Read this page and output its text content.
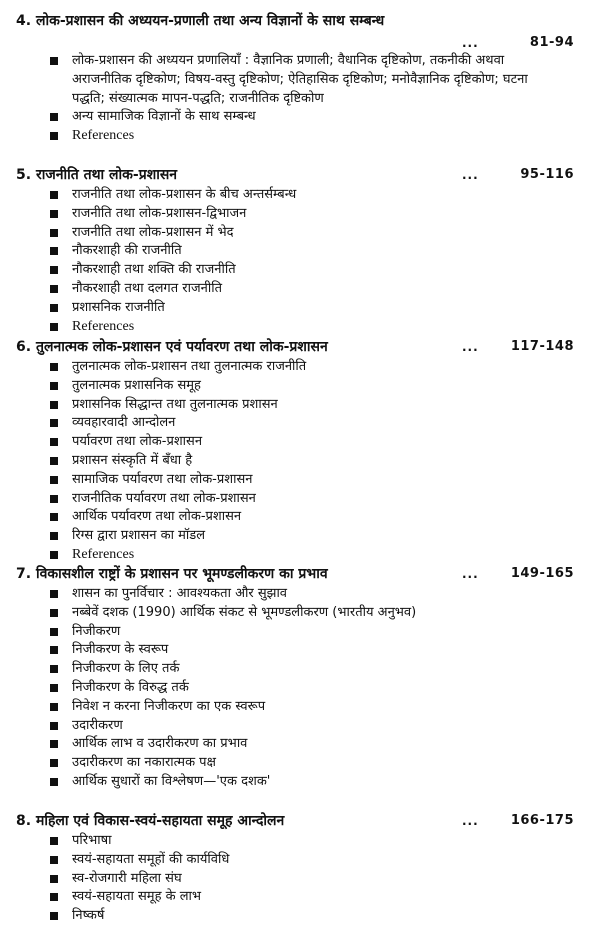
4. लोक-प्रशासन की अध्ययन-प्रणाली तथा अन्य विज्ञानों के साथ सम्बन्ध
...	81-94
लोक-प्रशासन की अध्ययन प्रणालियाँ : वैज्ञानिक प्रणाली; वैधानिक दृष्टिकोण, तकनीकी अथवा अराजनीतिक दृष्टिकोण; विषय-वस्तु दृष्टिकोण; ऐतिहासिक दृष्टिकोण; मनोवैज्ञानिक दृष्टिकोण; घटना पद्धति; संख्यात्मक मापन-पद्धति; राजनीतिक दृष्टिकोण
अन्य सामाजिक विज्ञानों के साथ सम्बन्ध
References
5. राजनीति तथा लोक-प्रशासन	...	95-116
राजनीति तथा लोक-प्रशासन के बीच अन्तर्सम्बन्ध
राजनीति तथा लोक-प्रशासन-द्विभाजन
राजनीति तथा लोक-प्रशासन में भेद
नौकरशाही की राजनीति
नौकरशाही तथा शक्ति की राजनीति
नौकरशाही तथा दलगत राजनीति
प्रशासनिक राजनीति
References
6. तुलनात्मक लोक-प्रशासन एवं पर्यावरण तथा लोक-प्रशासन	... 117-148
तुलनात्मक लोक-प्रशासन तथा तुलनात्मक राजनीति
तुलनात्मक प्रशासनिक समूह
प्रशासनिक सिद्धान्त तथा तुलनात्मक प्रशासन
व्यवहारवादी आन्दोलन
पर्यावरण तथा लोक-प्रशासन
प्रशासन संस्कृति में बँधा है
सामाजिक पर्यावरण तथा लोक-प्रशासन
राजनीतिक पर्यावरण तथा लोक-प्रशासन
आर्थिक पर्यावरण तथा लोक-प्रशासन
रिग्स द्वारा प्रशासन का मॉडल
References
7. विकासशील राष्ट्रों के प्रशासन पर भूमण्डलीकरण का प्रभाव	... 149-165
शासन का पुनर्विचार : आवश्यकता और सुझाव
नब्बेवें दशक (1990) आर्थिक संकट से भूमण्डलीकरण (भारतीय अनुभव)
निजीकरण
निजीकरण के स्वरूप
निजीकरण के लिए तर्क
निजीकरण के विरुद्ध तर्क
निवेश न करना निजीकरण का एक स्वरूप
उदारीकरण
आर्थिक लाभ व उदारीकरण का प्रभाव
उदारीकरण का नकारात्मक पक्ष
आर्थिक सुधारों का विश्लेषण—'एक दशक'
8. महिला एवं विकास-स्वयं-सहायता समूह आन्दोलन	... 166-175
परिभाषा
स्वयं-सहायता समूहों की कार्यविधि
स्व-रोजगारी महिला संघ
स्वयं-सहायता समूह के लाभ
निष्कर्ष
